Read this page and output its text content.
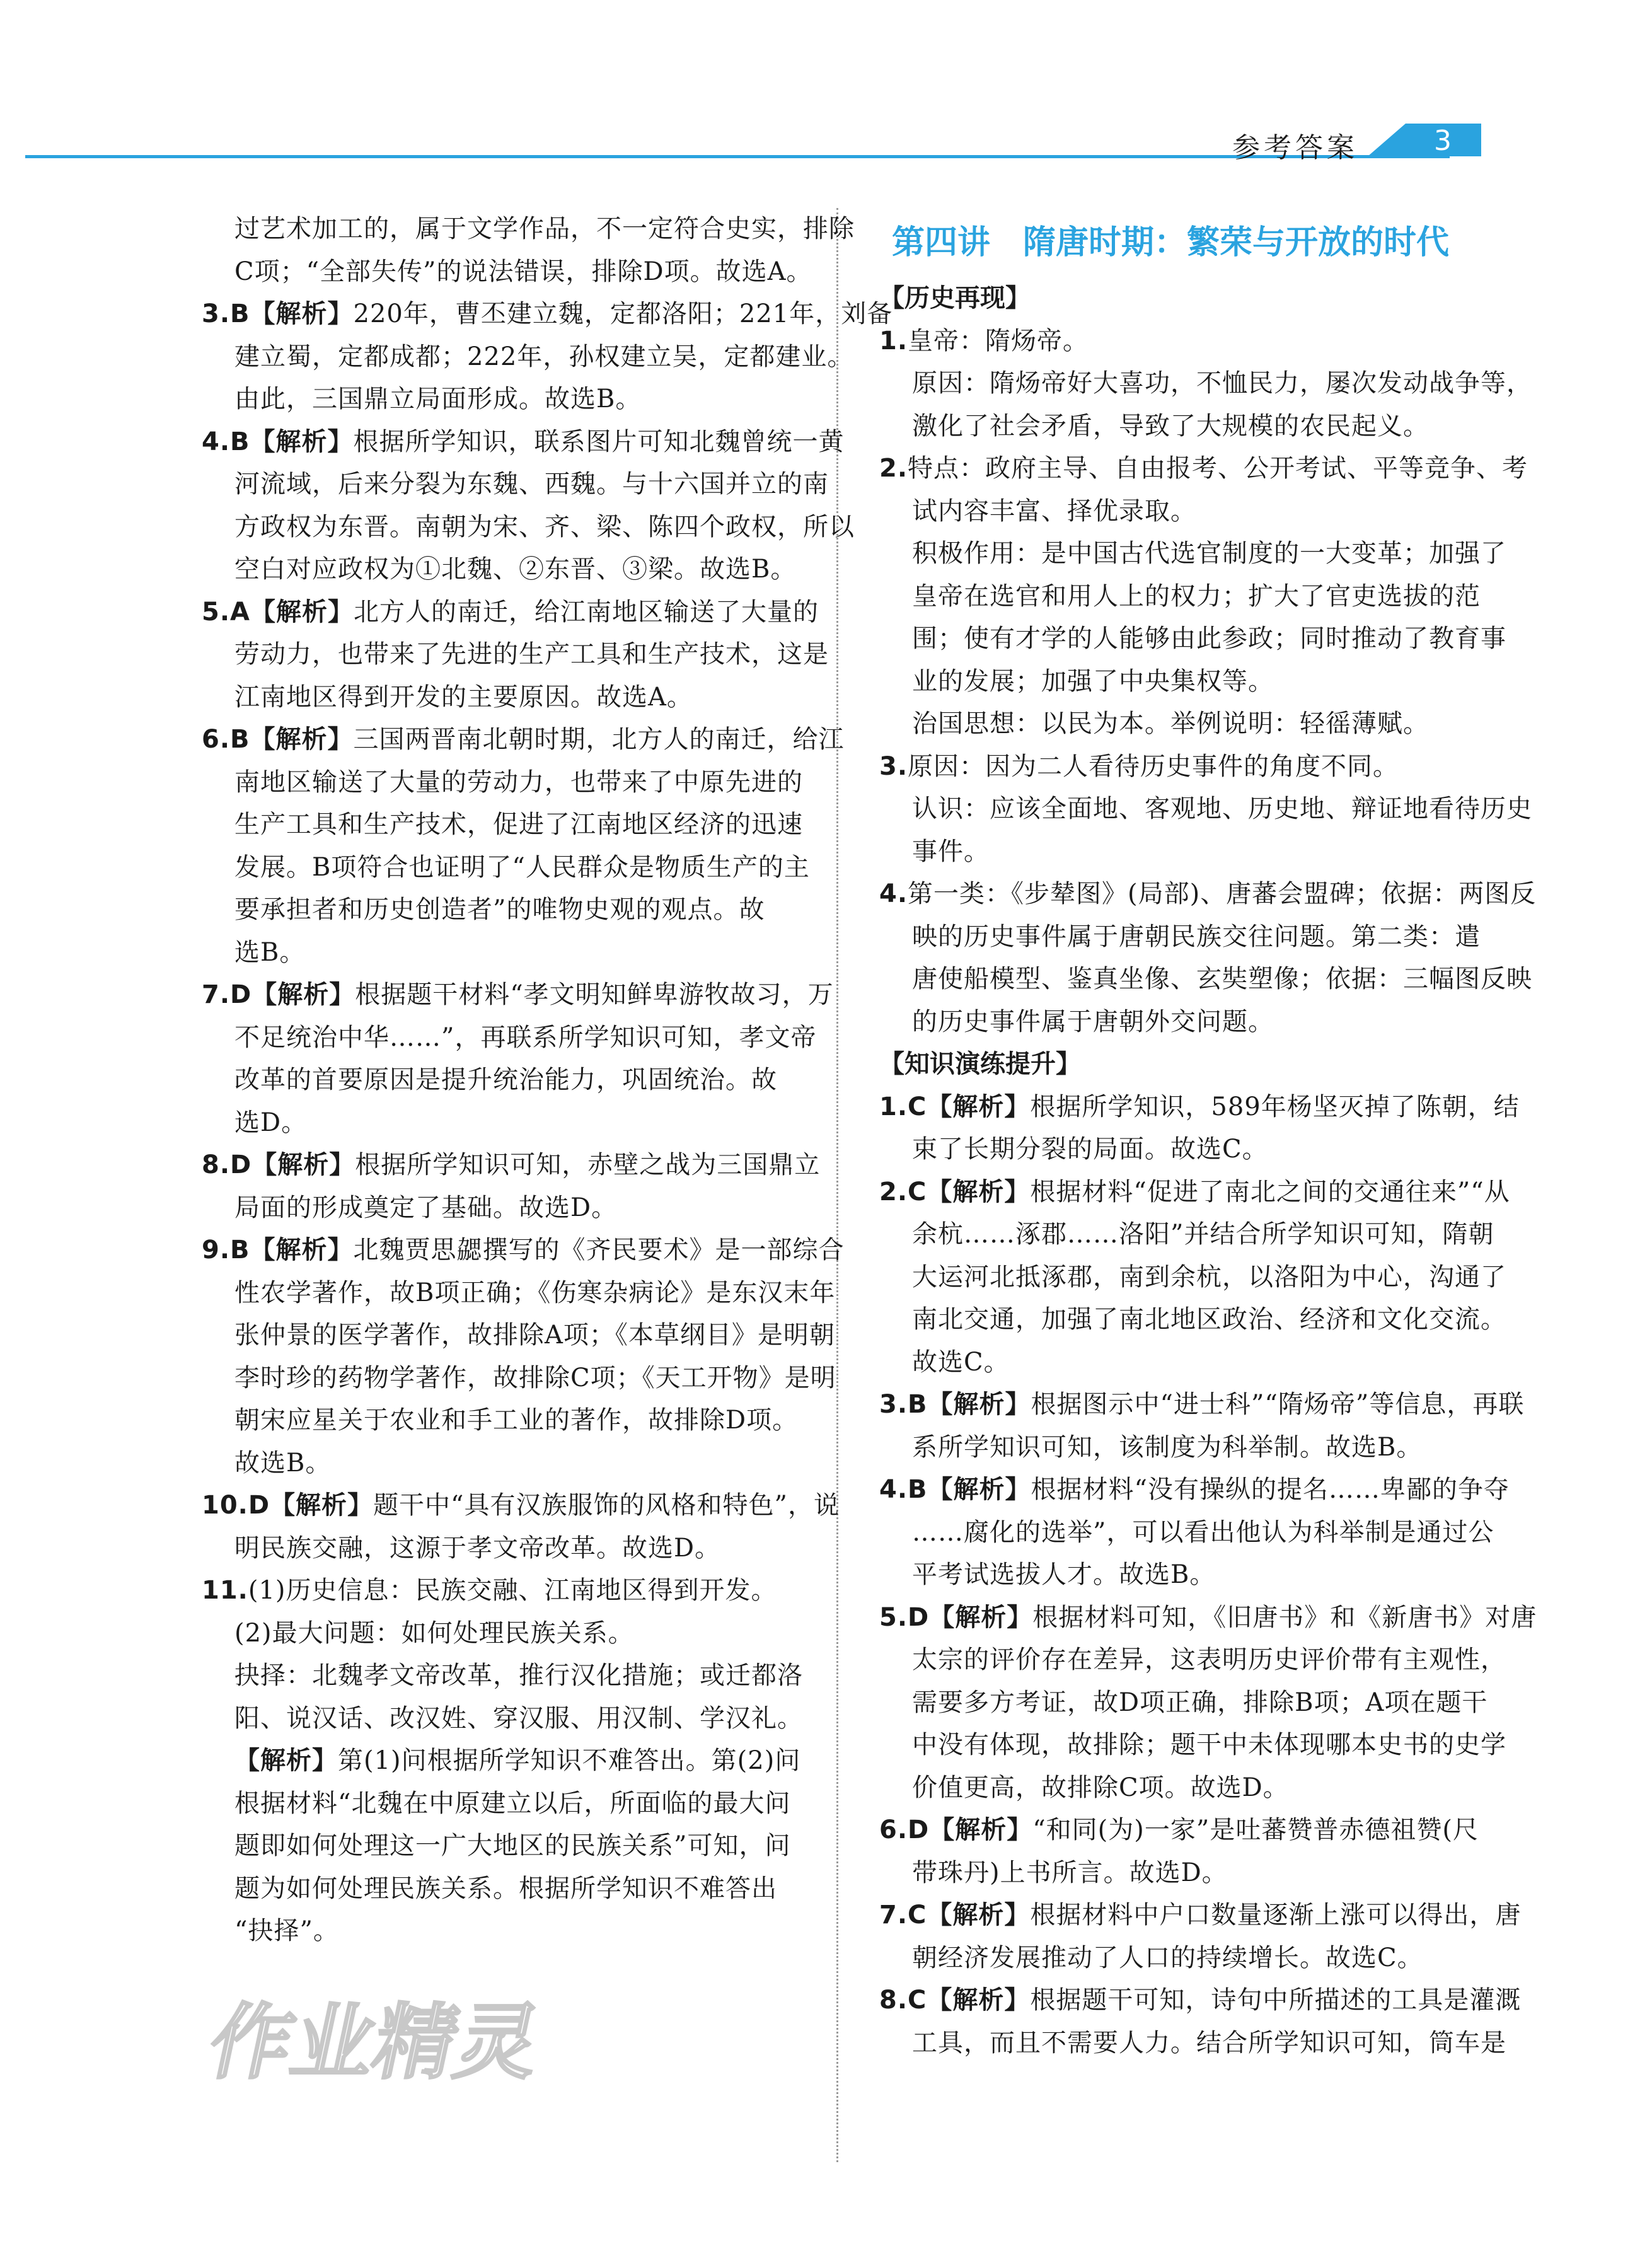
参考答案	3
过艺术加工的，属于文学作品，不一定符合史实，排除
C项；“全部失传”的说法错误，排除D项。故选A。
3.B【解析】220年，曹丕建立魏，定都洛阳；221年，刘备
建立蜀，定都成都；222年，孙权建立吴，定都建业。
由此，三国鼎立局面形成。故选B。
4.B【解析】根据所学知识，联系图片可知北魏曾统一黄
河流域，后来分裂为东魏、西魏。与十六国并立的南
方政权为东晋。南朝为宋、齐、梁、陈四个政权，所以
空白对应政权为①北魏、②东晋、③梁。故选B。
5.A【解析】北方人的南迁，给江南地区输送了大量的
劳动力，也带来了先进的生产工具和生产技术，这是
江南地区得到开发的主要原因。故选A。
6.B【解析】三国两晋南北朝时期，北方人的南迁，给江
南地区输送了大量的劳动力，也带来了中原先进的
生产工具和生产技术，促进了江南地区经济的迅速
发展。B项符合也证明了“人民群众是物质生产的主
要承担者和历史创造者”的唯物史观的观点。故
选B。
7.D【解析】根据题干材料“孝文明知鲜卑游牧故习，万
不足统治中华……”，再联系所学知识可知，孝文帝
改革的首要原因是提升统治能力，巩固统治。故
选D。
8.D【解析】根据所学知识可知，赤壁之战为三国鼎立
局面的形成奠定了基础。故选D。
9.B【解析】北魏贾思勰撰写的《齐民要术》是一部综合
性农学著作，故B项正确；《伤寒杂病论》是东汉末年
张仲景的医学著作，故排除A项；《本草纲目》是明朝
李时珍的药物学著作，故排除C项；《天工开物》是明
朝宋应星关于农业和手工业的著作，故排除D项。
故选B。
10.D【解析】题干中“具有汉族服饰的风格和特色”，说
明民族交融，这源于孝文帝改革。故选D。
11.(1)历史信息：民族交融、江南地区得到开发。
(2)最大问题：如何处理民族关系。
抉择：北魏孝文帝改革，推行汉化措施；或迁都洛
阳、说汉话、改汉姓、穿汉服、用汉制、学汉礼。
【解析】第(1)问根据所学知识不难答出。第(2)问
根据材料“北魏在中原建立以后，所面临的最大问
题即如何处理这一广大地区的民族关系”可知，问
题为如何处理民族关系。根据所学知识不难答出
“抉择”。
第四讲　隋唐时期：繁荣与开放的时代
【历史再现】
1.皇帝：隋炀帝。
原因：隋炀帝好大喜功，不恤民力，屡次发动战争等，
激化了社会矛盾，导致了大规模的农民起义。
2.特点：政府主导、自由报考、公开考试、平等竞争、考
试内容丰富、择优录取。
积极作用：是中国古代选官制度的一大变革；加强了
皇帝在选官和用人上的权力；扩大了官吏选拔的范
围；使有才学的人能够由此参政；同时推动了教育事
业的发展；加强了中央集权等。
治国思想：以民为本。举例说明：轻徭薄赋。
3.原因：因为二人看待历史事件的角度不同。
认识：应该全面地、客观地、历史地、辩证地看待历史
事件。
4.第一类：《步辇图》(局部)、唐蕃会盟碑；依据：两图反
映的历史事件属于唐朝民族交往问题。第二类：遣
唐使船模型、鉴真坐像、玄奘塑像；依据：三幅图反映
的历史事件属于唐朝外交问题。
【知识演练提升】
1.C【解析】根据所学知识，589年杨坚灭掉了陈朝，结
束了长期分裂的局面。故选C。
2.C【解析】根据材料“促进了南北之间的交通往来”“从
余杭……涿郡……洛阳”并结合所学知识可知，隋朝
大运河北抵涿郡，南到余杭，以洛阳为中心，沟通了
南北交通，加强了南北地区政治、经济和文化交流。
故选C。
3.B【解析】根据图示中“进士科”“隋炀帝”等信息，再联
系所学知识可知，该制度为科举制。故选B。
4.B【解析】根据材料“没有操纵的提名……卑鄙的争夺
……腐化的选举”，可以看出他认为科举制是通过公
平考试选拔人才。故选B。
5.D【解析】根据材料可知，《旧唐书》和《新唐书》对唐
太宗的评价存在差异，这表明历史评价带有主观性，
需要多方考证，故D项正确，排除B项；A项在题干
中没有体现，故排除；题干中未体现哪本史书的史学
价值更高，故排除C项。故选D。
6.D【解析】“和同(为)一家”是吐蕃赞普赤德祖赞(尺
带珠丹)上书所言。故选D。
7.C【解析】根据材料中户口数量逐渐上涨可以得出，唐
朝经济发展推动了人口的持续增长。故选C。
8.C【解析】根据题干可知，诗句中所描述的工具是灌溉
工具，而且不需要人力。结合所学知识可知，筒车是
作业精灵
